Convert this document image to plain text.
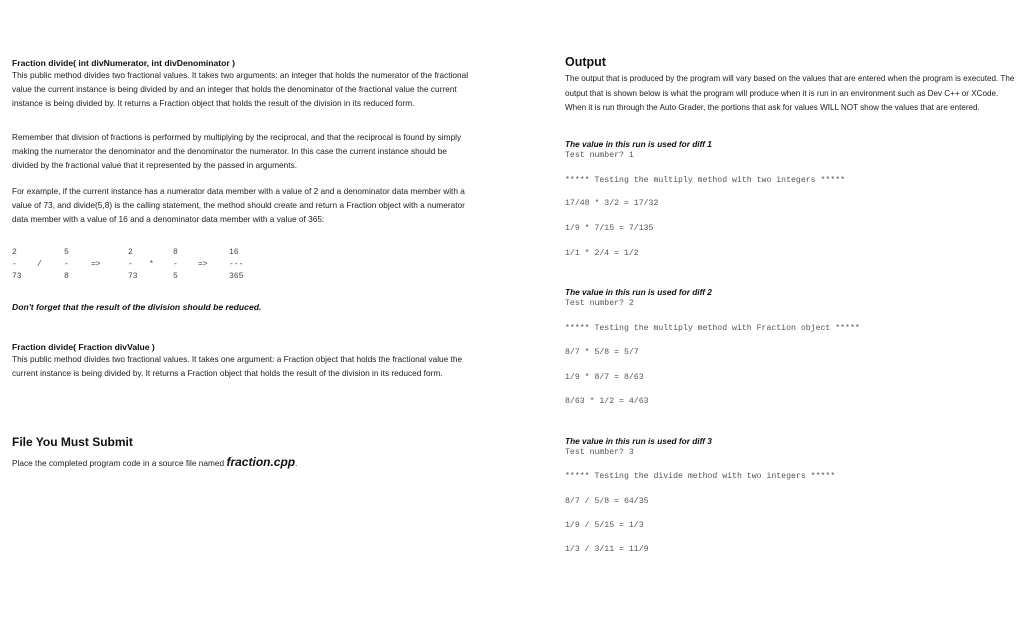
Fraction divide( int divNumerator, int divDenominator )
This public method divides two fractional values. It takes two arguments: an integer that holds the numerator of the fractional value the current instance is being divided by and an integer that holds the denominator of the fractional value the current instance is being divided by. It returns a Fraction object that holds the result of the division in its reduced form.
Remember that division of fractions is performed by multiplying by the reciprocal, and that the reciprocal is found by simply making the numerator the denominator and the denominator the numerator. In this case the current instance should be divided by the fractional value that it represented by the passed in arguments.
For example, if the current instance has a numerator data member with a value of 2 and a denominator data member with a value of 73, and divide(5,8) is the calling statement, the method should create and return a Fraction object with a numerator data member with a value of 16 and a denominator data member with a value of 365:
2
-
73
/
5
-
8
=>
2
-
73
*
8
-
5
=>
16
---
365
Don't forget that the result of the division should be reduced.
Fraction divide( Fraction divValue )
This public method divides two fractional values. It takes one argument: a Fraction object that holds the fractional value the current instance is being divided by. It returns a Fraction object that holds the result of the division in its reduced form.
File You Must Submit
Place the completed program code in a source file named fraction.cpp.
Output
The output that is produced by the program will vary based on the values that are entered when the program is executed. The output that is shown below is what the program will produce when it is run in an environment such as Dev C++ or XCode. When it is run through the Auto Grader, the portions that ask for values WILL NOT show the values that are entered.
The value in this run is used for diff 1
Test number? 1
***** Testing the multiply method with two integers *****
17/48 * 3/2 = 17/32
1/9 * 7/15 = 7/135
1/1 * 2/4 = 1/2
The value in this run is used for diff 2
Test number? 2
***** Testing the multiply method with Fraction object *****
8/7 * 5/8 = 5/7
1/9 * 8/7 = 8/63
8/63 * 1/2 = 4/63
The value in this run is used for diff 3
Test number? 3
***** Testing the divide method with two integers *****
8/7 / 5/8 = 64/35
1/9 / 5/15 = 1/3
1/3 / 3/11 = 11/9
